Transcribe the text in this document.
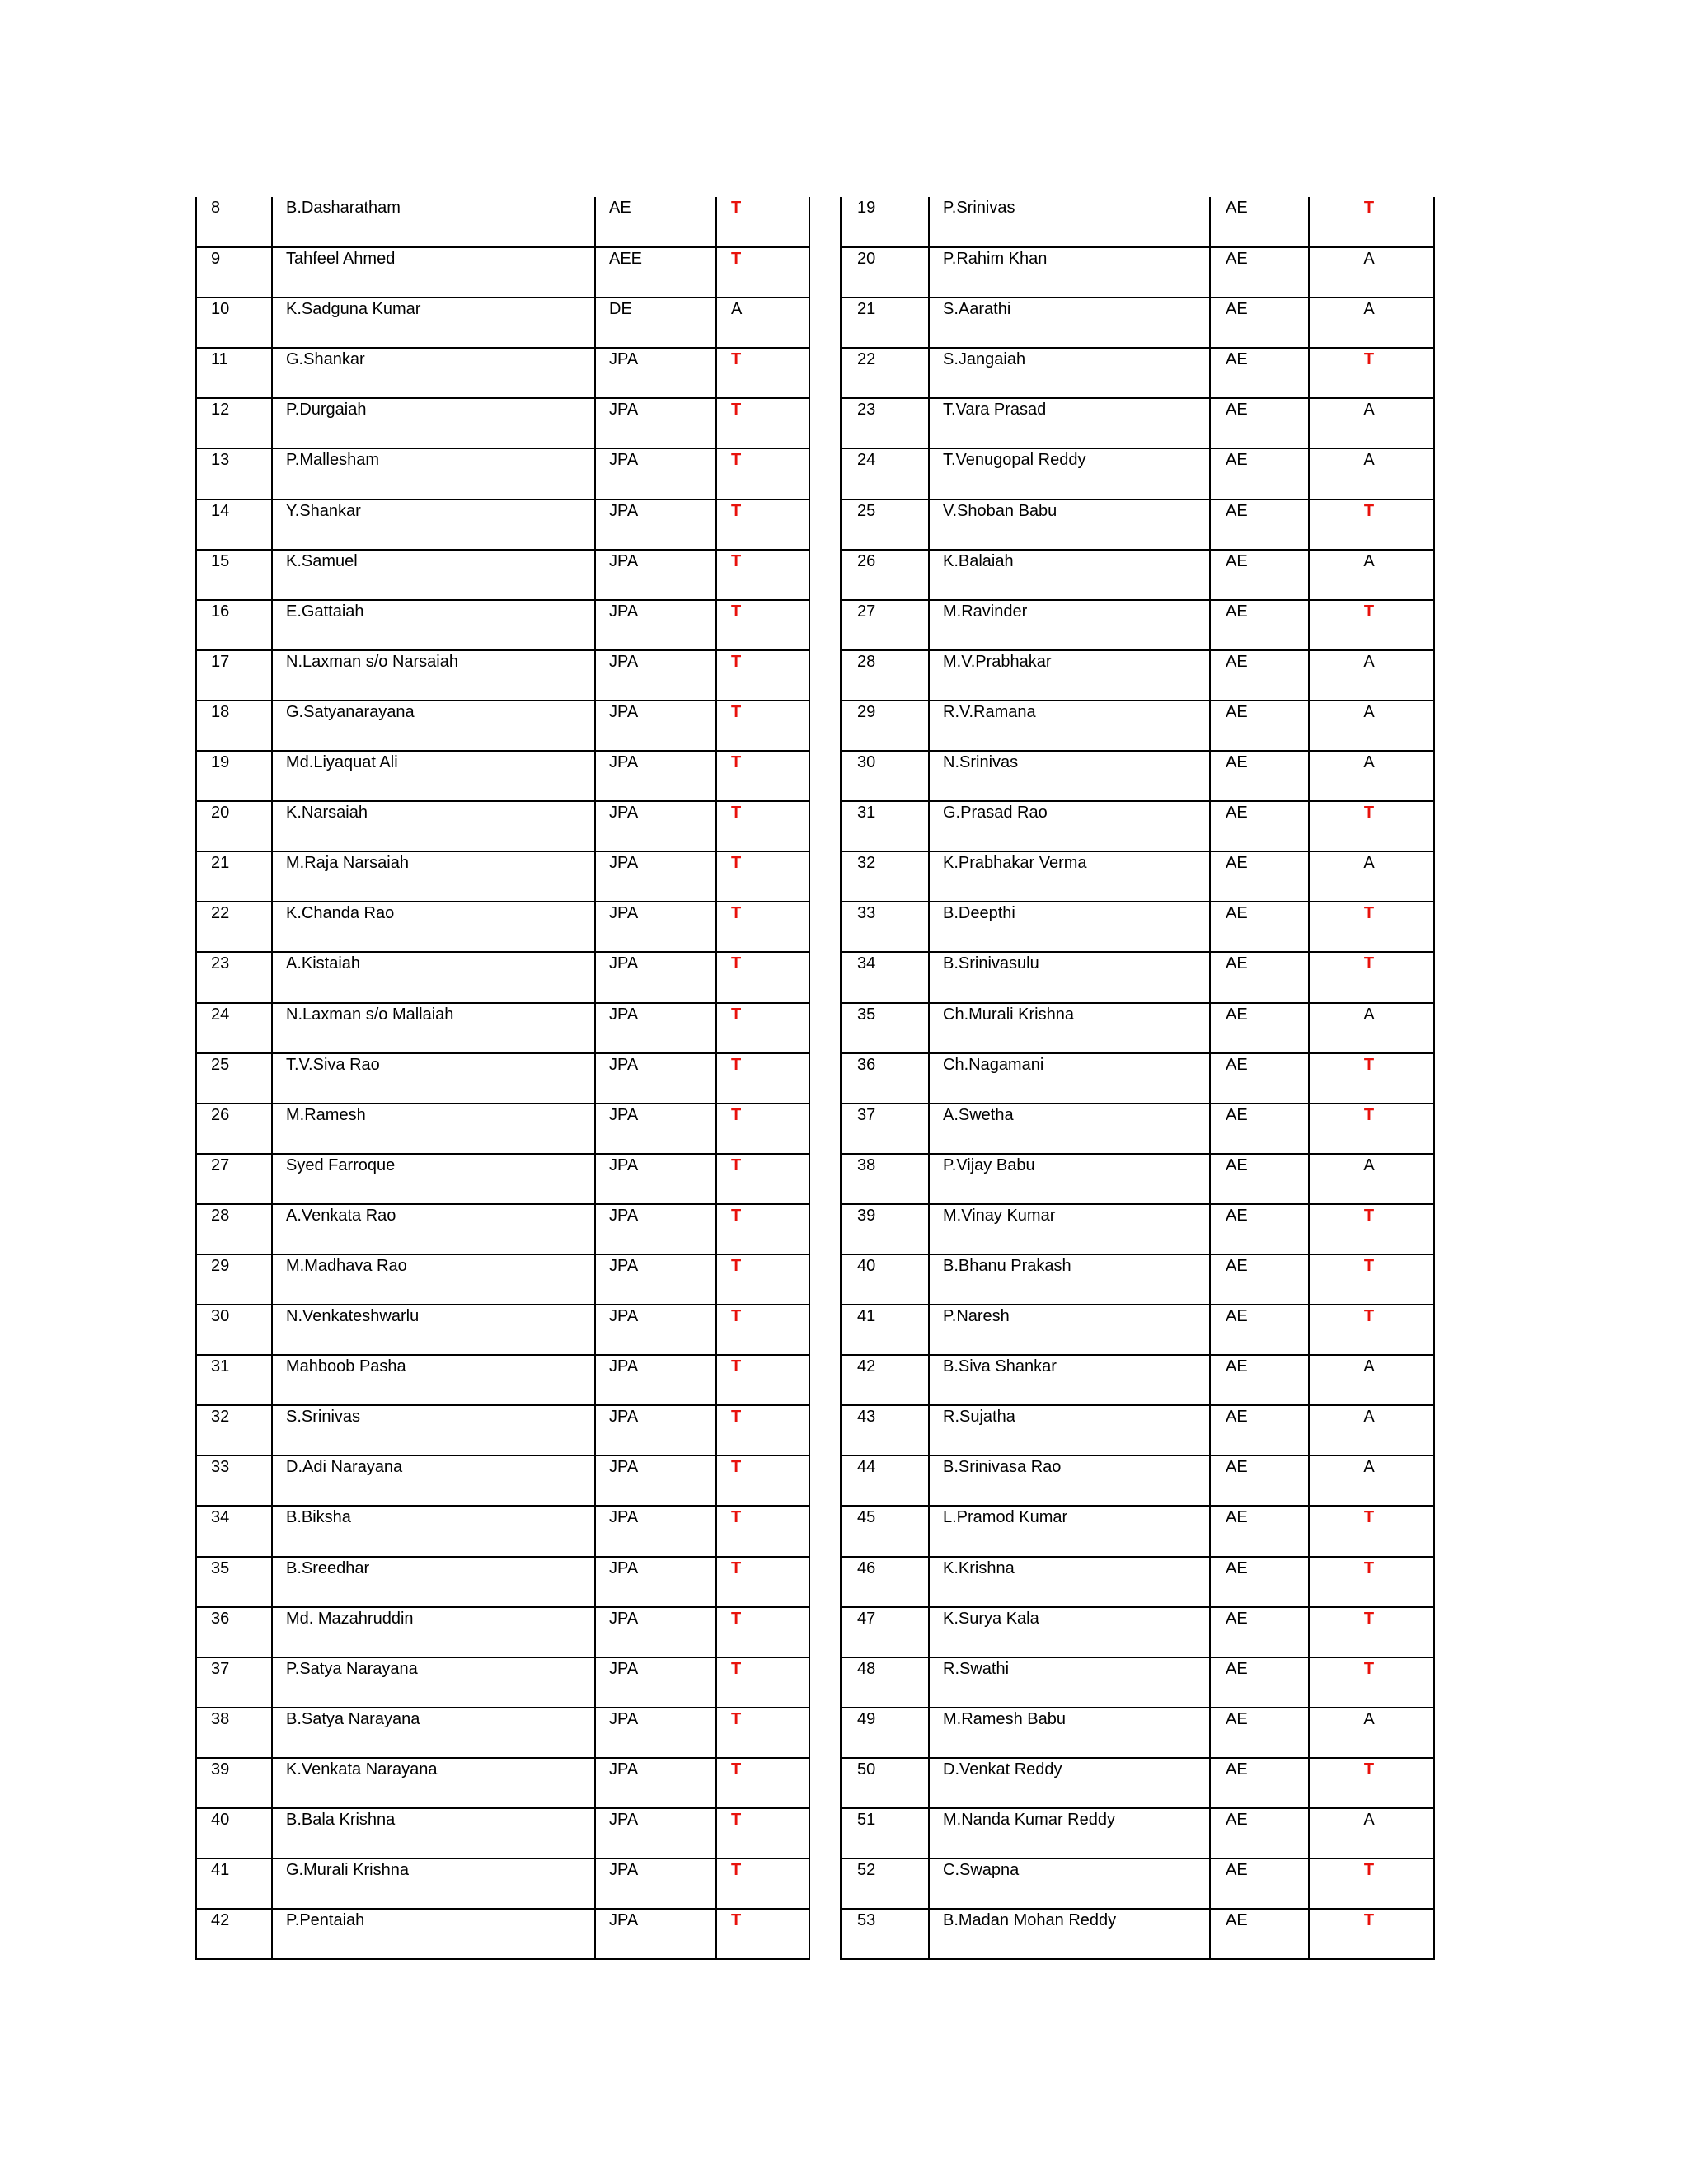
8	B.Dasharatham	AE	T

9	Tahfeel Ahmed	AEE	T

10	K.Sadguna Kumar	DE	A

11	G.Shankar	JPA	T

12	P.Durgaiah	JPA	T

13	P.Mallesham	JPA	T

14	Y.Shankar	JPA	T

15	K.Samuel	JPA	T

16	E.Gattaiah	JPA	T

17	N.Laxman s/o Narsaiah	JPA	T

18	G.Satyanarayana	JPA	T

19	Md.Liyaquat Ali	JPA	T

20	K.Narsaiah	JPA	T

21	M.Raja Narsaiah	JPA	T

22	K.Chanda Rao	JPA	T

23	A.Kistaiah	JPA	T

24	N.Laxman s/o Mallaiah	JPA	T

25	T.V.Siva Rao	JPA	T

26	M.Ramesh	JPA	T

27	Syed Farroque	JPA	T

28	A.Venkata Rao	JPA	T

29	M.Madhava Rao	JPA	T

30	N.Venkateshwarlu	JPA	T

31	Mahboob Pasha	JPA	T

32	S.Srinivas	JPA	T

33	D.Adi Narayana	JPA	T

34	B.Biksha	JPA	T

35	B.Sreedhar	JPA	T

36	Md. Mazahruddin	JPA	T

37	P.Satya Narayana	JPA	T

38	B.Satya Narayana	JPA	T

39	K.Venkata Narayana	JPA	T

40	B.Bala Krishna	JPA	T

41	G.Murali Krishna	JPA	T

42	P.Pentaiah	JPA	T
19	P.Srinivas	AE	T

20	P.Rahim Khan	AE	A

21	S.Aarathi	AE	A

22	S.Jangaiah	AE	T

23	T.Vara Prasad	AE	A

24	T.Venugopal Reddy	AE	A

25	V.Shoban Babu	AE	T

26	K.Balaiah	AE	A

27	M.Ravinder	AE	T

28	M.V.Prabhakar	AE	A

29	R.V.Ramana	AE	A

30	N.Srinivas	AE	A

31	G.Prasad Rao	AE	T

32	K.Prabhakar Verma	AE	A

33	B.Deepthi	AE	T

34	B.Srinivasulu	AE	T

35	Ch.Murali Krishna	AE	A

36	Ch.Nagamani	AE	T

37	A.Swetha	AE	T

38	P.Vijay Babu	AE	A

39	M.Vinay Kumar	AE	T

40	B.Bhanu Prakash	AE	T

41	P.Naresh	AE	T

42	B.Siva Shankar	AE	A

43	R.Sujatha	AE	A

44	B.Srinivasa Rao	AE	A

45	L.Pramod Kumar	AE	T

46	K.Krishna	AE	T

47	K.Surya Kala	AE	T

48	R.Swathi	AE	T

49	M.Ramesh Babu	AE	A

50	D.Venkat Reddy	AE	T

51	M.Nanda Kumar Reddy	AE	A

52	C.Swapna	AE	T

53	B.Madan Mohan Reddy	AE	T
